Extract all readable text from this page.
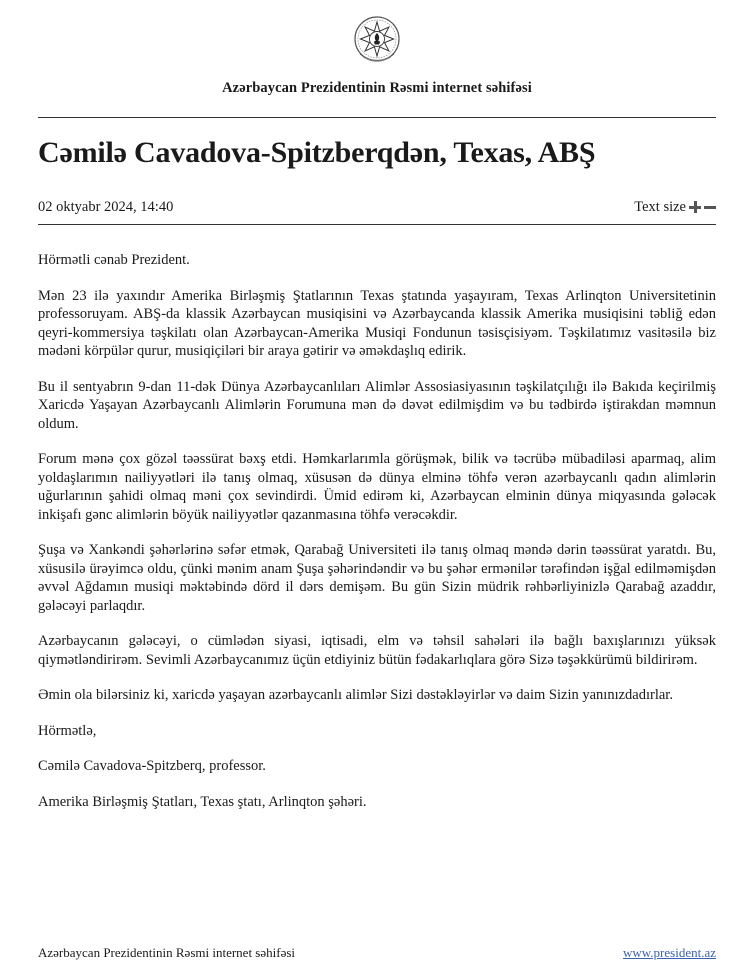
Azərbaycan Prezidentinin Rəsmi internet səhifəsi
Cəmilə Cavadova-Spitzberqdən, Texas, ABŞ
02 oktyabr 2024, 14:40	Text size

Hörmətli cənab Prezident.

Mən 23 ilə yaxındır Amerika Birləşmiş Ştatlarının Texas ştatında yaşayıram, Texas Arlinqton Universitetinin professoruyam. ABŞ-da klassik Azərbaycan musiqisini və Azərbaycanda klassik Amerika musiqisini təbliğ edən qeyri-kommersiya təşkilatı olan Azərbaycan-Amerika Musiqi Fondunun təsisçisiyəm. Təşkilatımız vasitəsilə biz mədəni körpülər qurur, musiqiçiləri bir araya gətirir və əməkdaşlıq edirik.

Bu il sentyabrın 9-dan 11-dək Dünya Azərbaycanlıları Alimlər Assosiasiyasının təşkilatçılığı ilə Bakıda keçirilmiş Xaricdə Yaşayan Azərbaycanlı Alimlərin Forumuna mən də dəvət edilmişdim və bu tədbirdə iştirakdan məmnun oldum.

Forum mənə çox gözəl təəssürat bəxş etdi. Həmkarlarımla görüşmək, bilik və təcrübə mübadiləsi aparmaq, alim yoldaşlarımın nailiyyətləri ilə tanış olmaq, xüsusən də dünya elminə töhfə verən azərbaycanlı qadın alimlərin uğurlarının şahidi olmaq məni çox sevindirdi. Ümid edirəm ki, Azərbaycan elminin dünya miqyasında gələcək inkişafı gənc alimlərin böyük nailiyyətlər qazanmasına töhfə verəcəkdir.

Şuşa və Xankəndi şəhərlərinə səfər etmək, Qarabağ Universiteti ilə tanış olmaq məndə dərin təəssürat yaratdı. Bu, xüsusilə ürəyimcə oldu, çünki mənim anam Şuşa şəhərindəndir və bu şəhər ermənilər tərəfindən işğal edilməmişdən əvvəl Ağdamın musiqi məktəbində dörd il dərs demişəm. Bu gün Sizin müdrik rəhbərliyinizlə Qarabağ azaddır, gələcəyi parlaqdır.

Azərbaycanın gələcəyi, o cümlədən siyasi, iqtisadi, elm və təhsil sahələri ilə bağlı baxışlarınızı yüksək qiymətləndirirəm. Sevimli Azərbaycanımız üçün etdiyiniz bütün fədakarlıqlara görə Sizə təşəkkürümü bildirirəm.

Əmin ola bilərsiniz ki, xaricdə yaşayan azərbaycanlı alimlər Sizi dəstəkləyirlər və daim Sizin yanınızdadırlar.

Hörmətlə,

Cəmilə Cavadova-Spitzberq, professor.

Amerika Birləşmiş Ştatları, Texas ştatı, Arlinqton şəhəri.

Azərbaycan Prezidentinin Rəsmi internet səhifəsi	www.president.az
